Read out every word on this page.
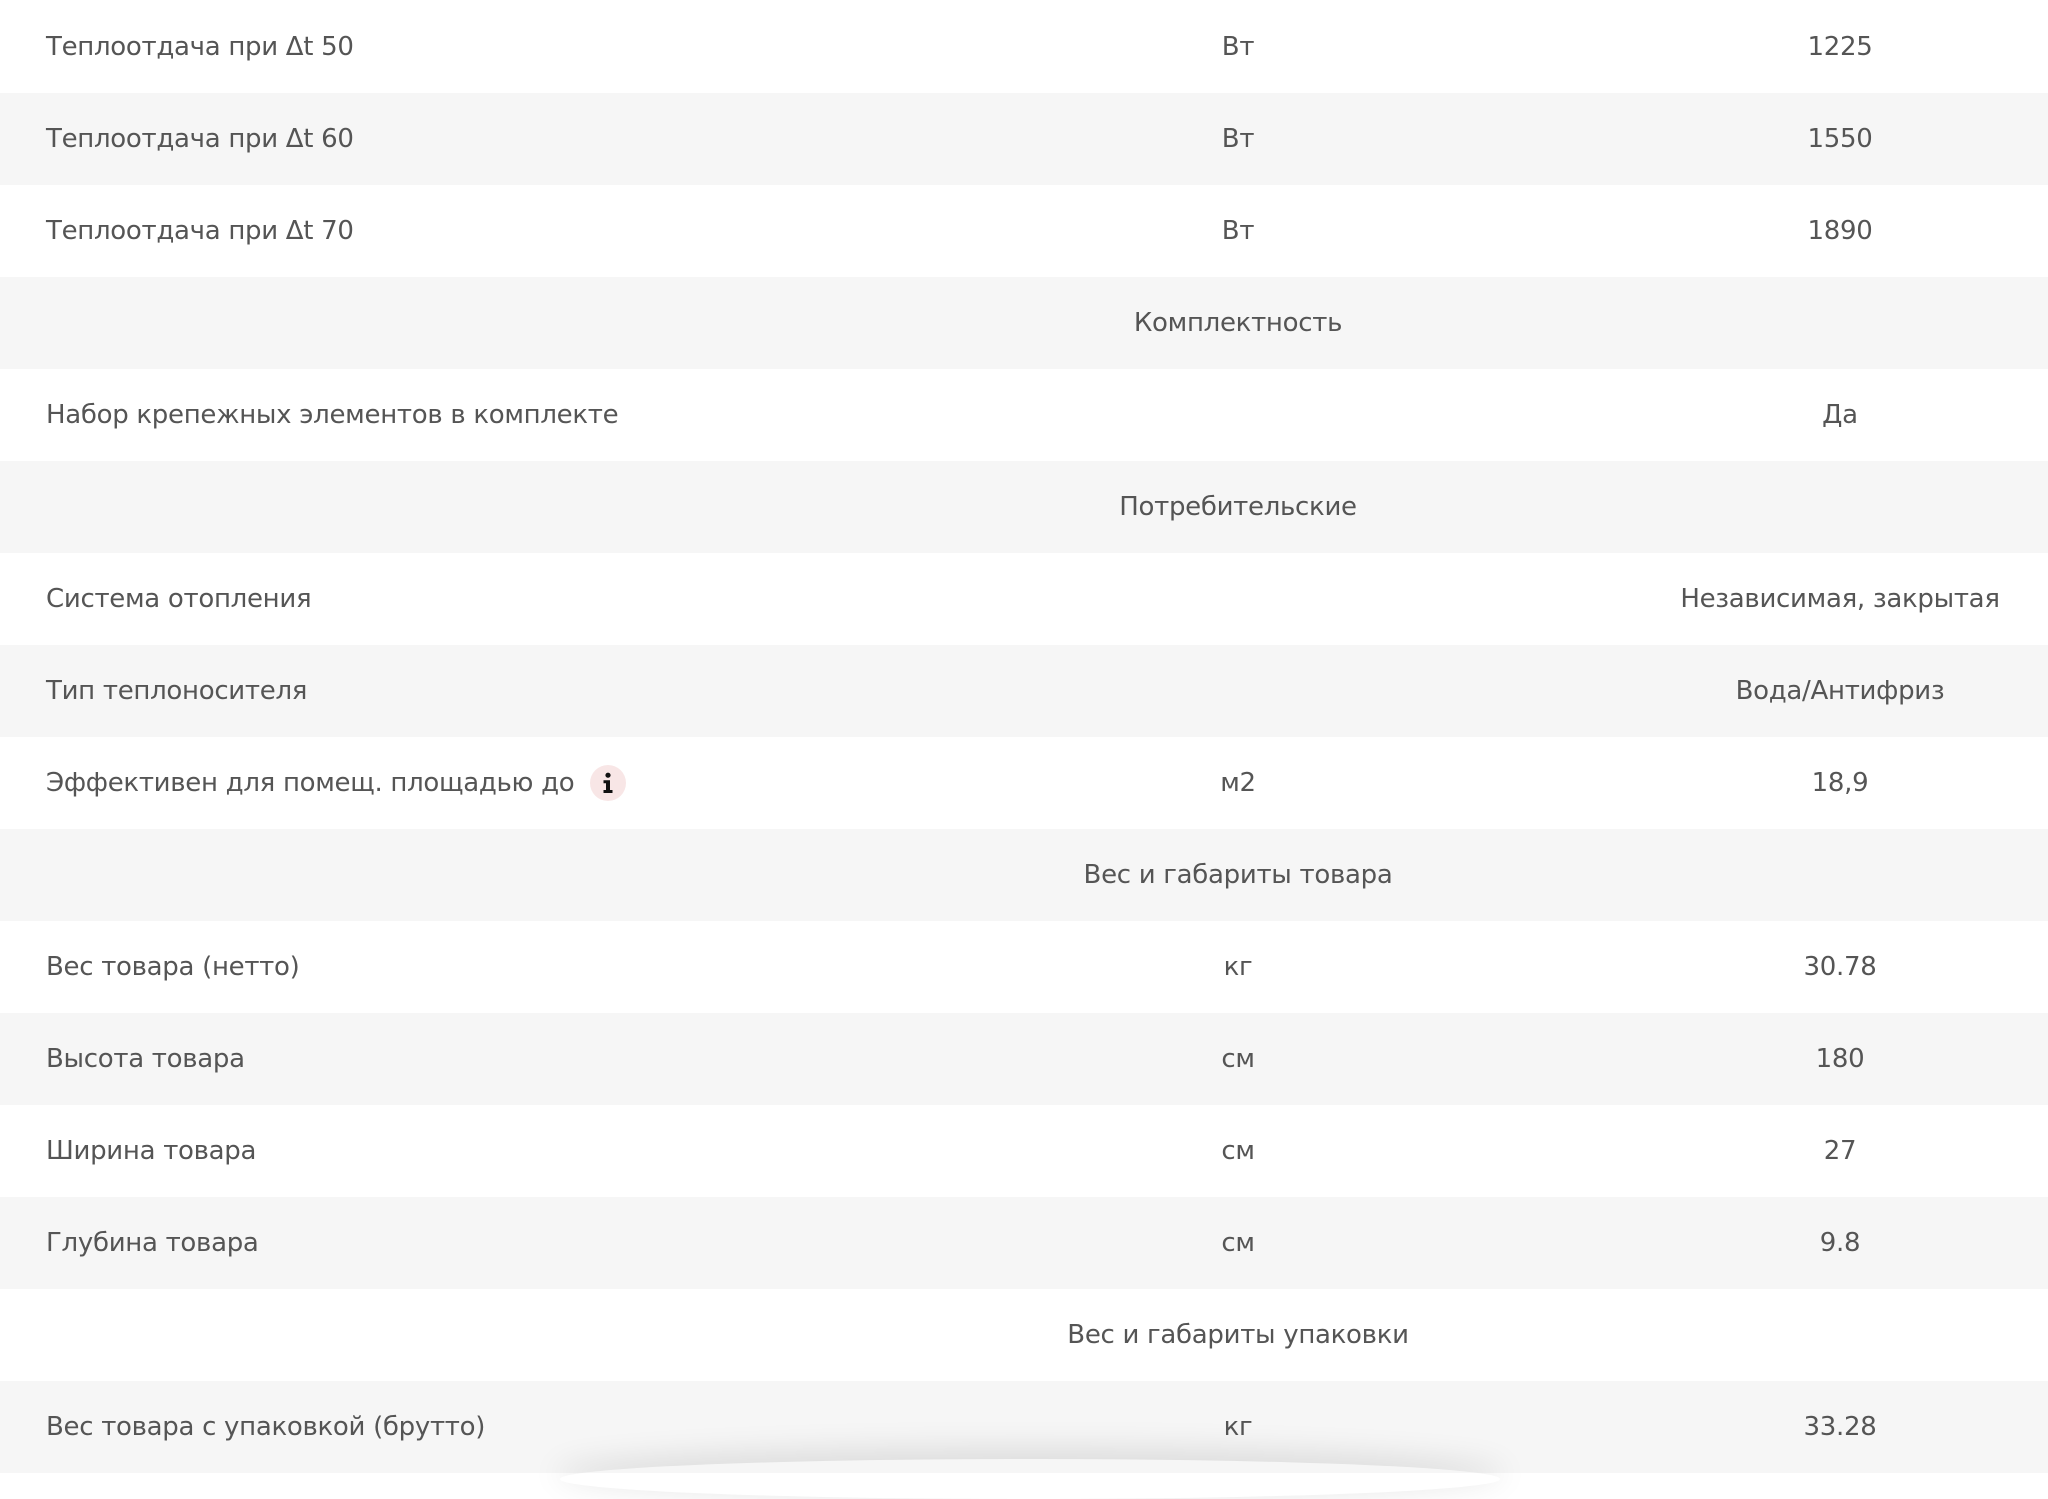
Теплоотдача при Δt 50	Вт	1225
Теплоотдача при Δt 60	Вт	1550
Теплоотдача при Δt 70	Вт	1890
Комплектность
Набор крепежных элементов в комплекте	Да
Потребительские
Система отопления	Независимая, закрытая
Тип теплоносителя	Вода/Антифриз
Эффективен для помещ. площадью до	м2	18,9
Вес и габариты товара
Вес товара (нетто)	кг	30.78
Высота товара	см	180
Ширина товара	см	27
Глубина товара	см	9.8
Вес и габариты упаковки
Вес товара с упаковкой (брутто)	кг	33.28
